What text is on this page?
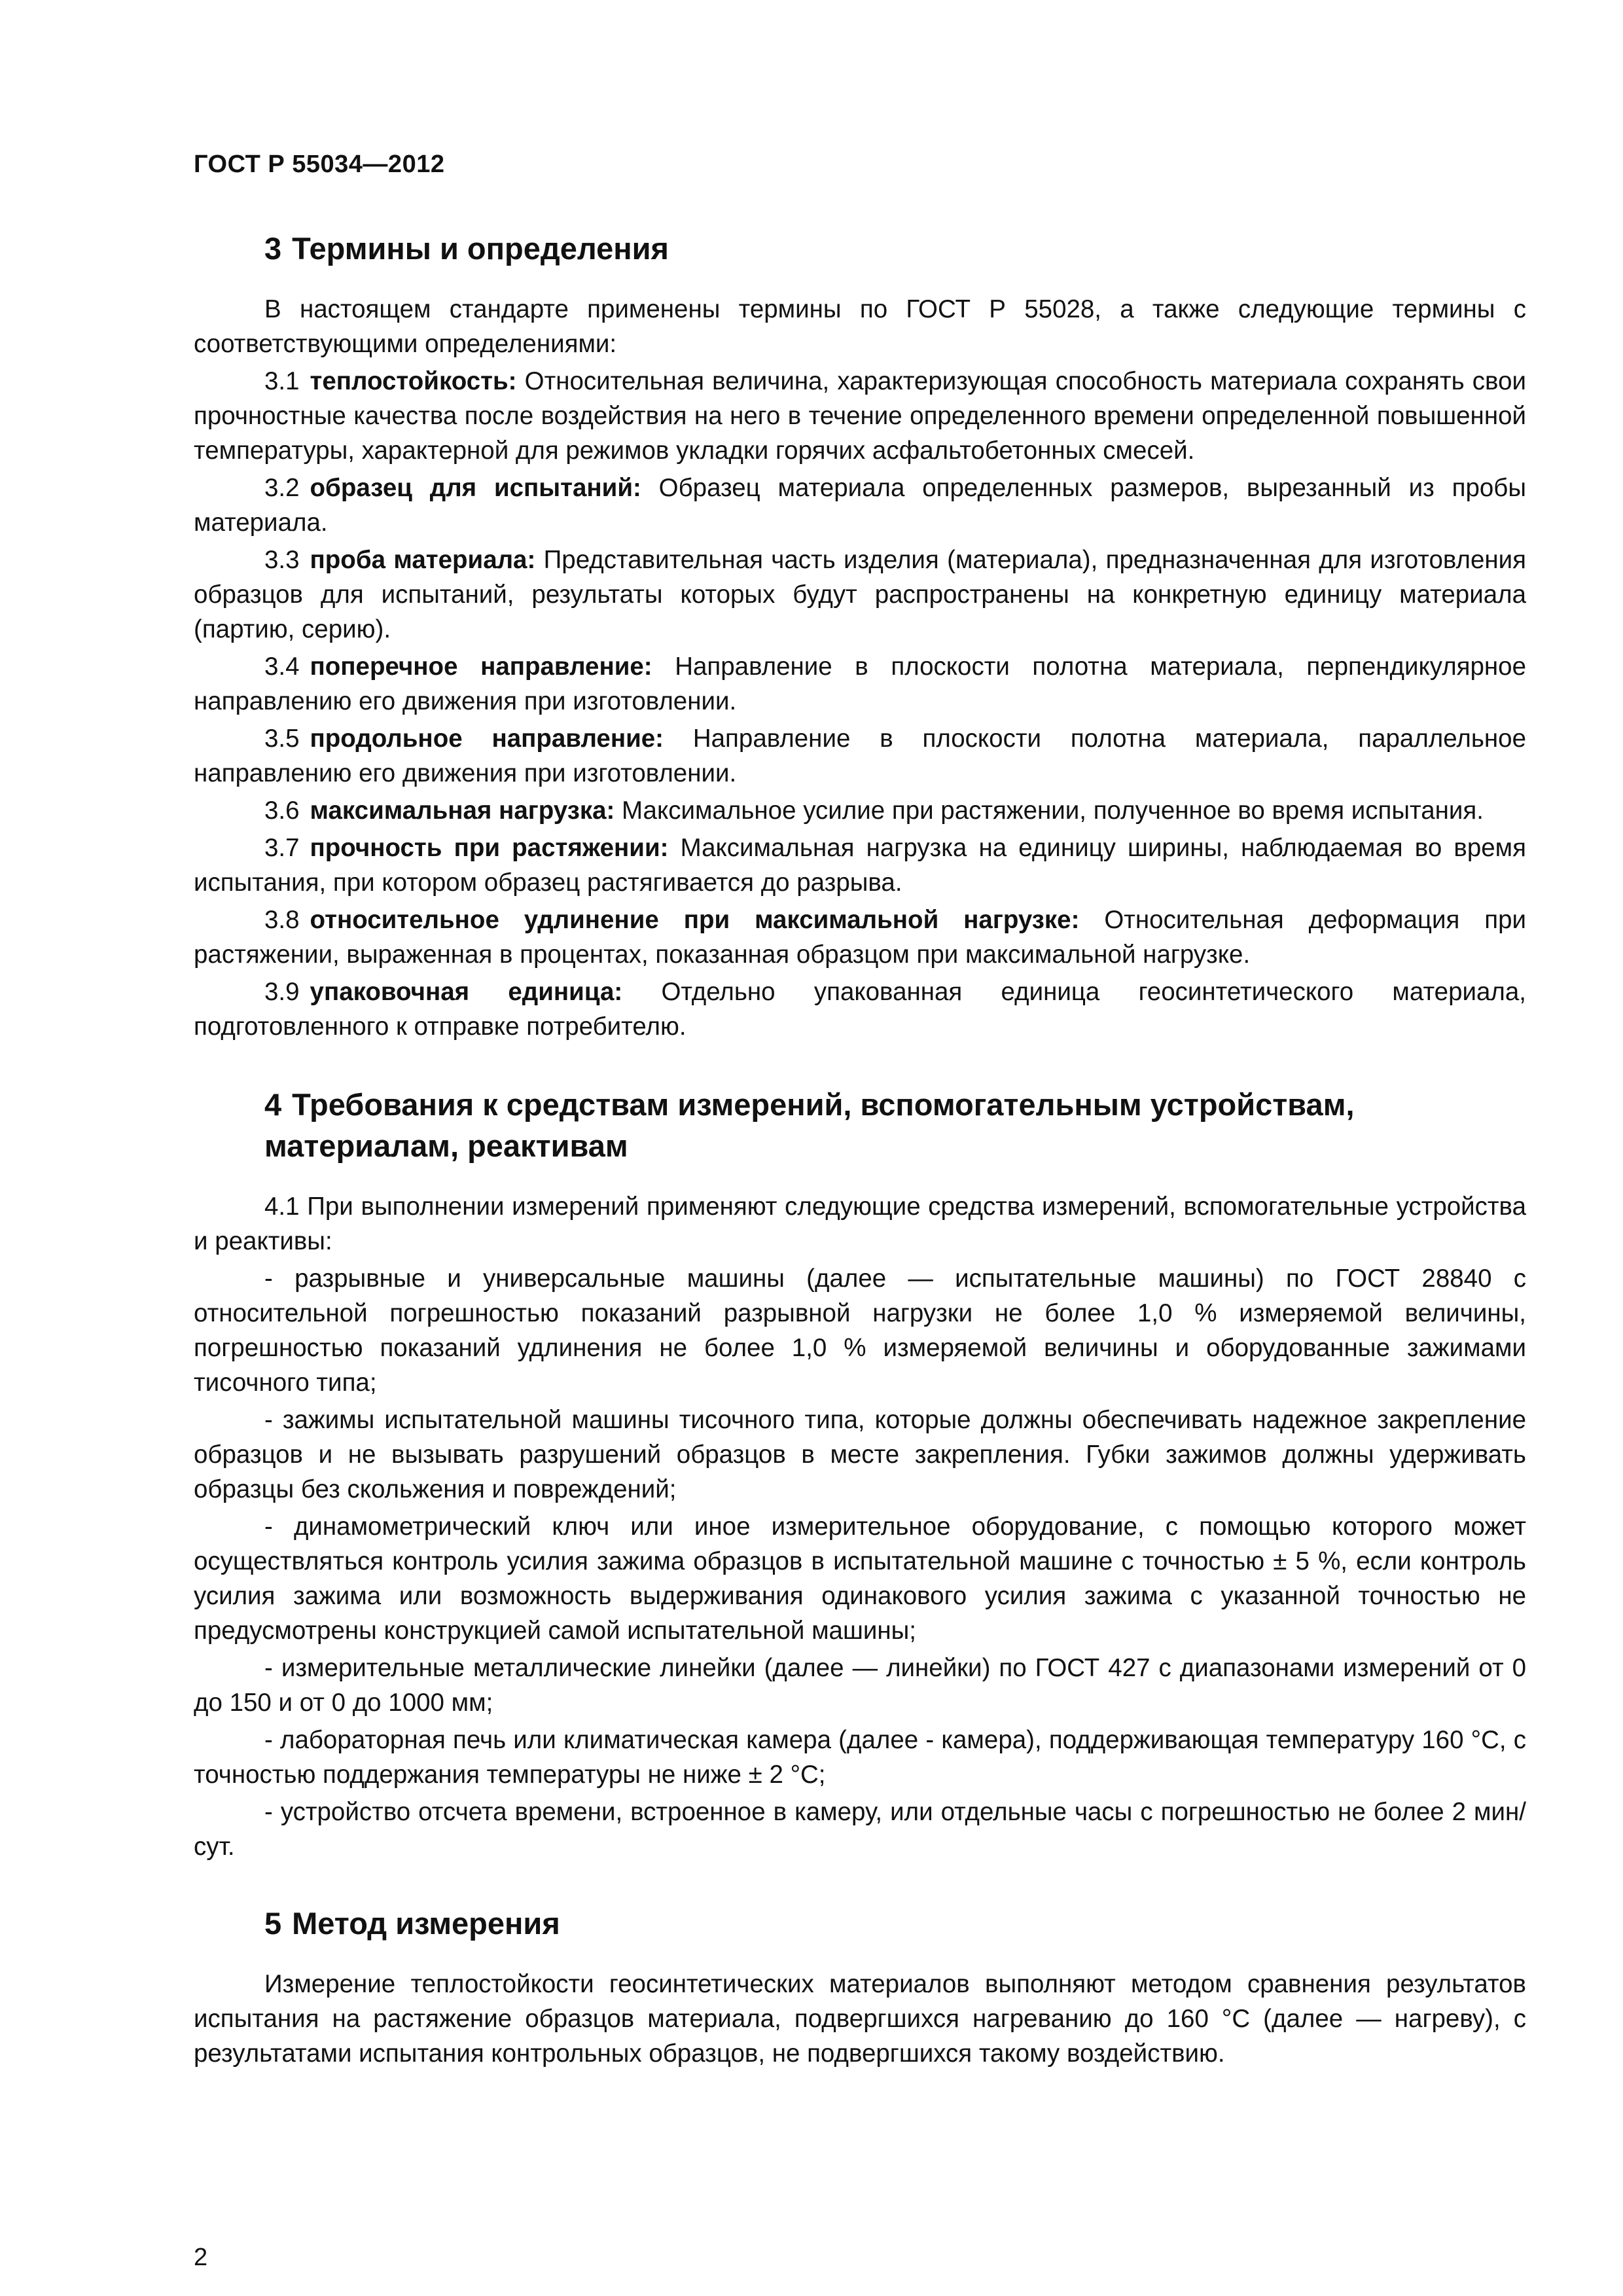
ГОСТ Р 55034—2012
3 Термины и определения

В настоящем стандарте применены термины по ГОСТ Р 55028, а также следующие термины с соответствующими определениями:

3.1 теплостойкость: Относительная величина, характеризующая способность материала сохранять свои прочностные качества после воздействия на него в течение определенного времени определенной повышенной температуры, характерной для режимов укладки горячих асфальтобетонных смесей.

3.2 образец для испытаний: Образец материала определенных размеров, вырезанный из пробы материала.

3.3 проба материала: Представительная часть изделия (материала), предназначенная для изготовления образцов для испытаний, результаты которых будут распространены на конкретную единицу материала (партию, серию).

3.4 поперечное направление: Направление в плоскости полотна материала, перпендикулярное направлению его движения при изготовлении.

3.5 продольное направление: Направление в плоскости полотна материала, параллельное направлению его движения при изготовлении.

3.6 максимальная нагрузка: Максимальное усилие при растяжении, полученное во время испытания.

3.7 прочность при растяжении: Максимальная нагрузка на единицу ширины, наблюдаемая во время испытания, при котором образец растягивается до разрыва.

3.8 относительное удлинение при максимальной нагрузке: Относительная деформация при растяжении, выраженная в процентах, показанная образцом при максимальной нагрузке.

3.9 упаковочная единица: Отдельно упакованная единица геосинтетического материала, подготовленного к отправке потребителю.

4 Требования к средствам измерений, вспомогательным устройствам, материалам, реактивам

4.1 При выполнении измерений применяют следующие средства измерений, вспомогательные устройства и реактивы:

- разрывные и универсальные машины (далее — испытательные машины) по ГОСТ 28840 с относительной погрешностью показаний разрывной нагрузки не более 1,0 % измеряемой величины, погрешностью показаний удлинения не более 1,0 % измеряемой величины и оборудованные зажимами тисочного типа;

- зажимы испытательной машины тисочного типа, которые должны обеспечивать надежное закрепление образцов и не вызывать разрушений образцов в месте закрепления. Губки зажимов должны удерживать образцы без скольжения и повреждений;

- динамометрический ключ или иное измерительное оборудование, с помощью которого может осуществляться контроль усилия зажима образцов в испытательной машине с точностью ± 5 %, если контроль усилия зажима или возможность выдерживания одинакового усилия зажима с указанной точностью не предусмотрены конструкцией самой испытательной машины;

- измерительные металлические линейки (далее — линейки) по ГОСТ 427 с диапазонами измерений от 0 до 150 и от 0 до 1000 мм;

- лабораторная печь или климатическая камера (далее - камера), поддерживающая температуру 160 °С, с точностью поддержания температуры не ниже ± 2 °С;

- устройство отсчета времени, встроенное в камеру, или отдельные часы с погрешностью не более 2 мин/сут.

5 Метод измерения

Измерение теплостойкости геосинтетических материалов выполняют методом сравнения результатов испытания на растяжение образцов материала, подвергшихся нагреванию до 160 °С (далее — нагреву), с результатами испытания контрольных образцов, не подвергшихся такому воздействию.

2
